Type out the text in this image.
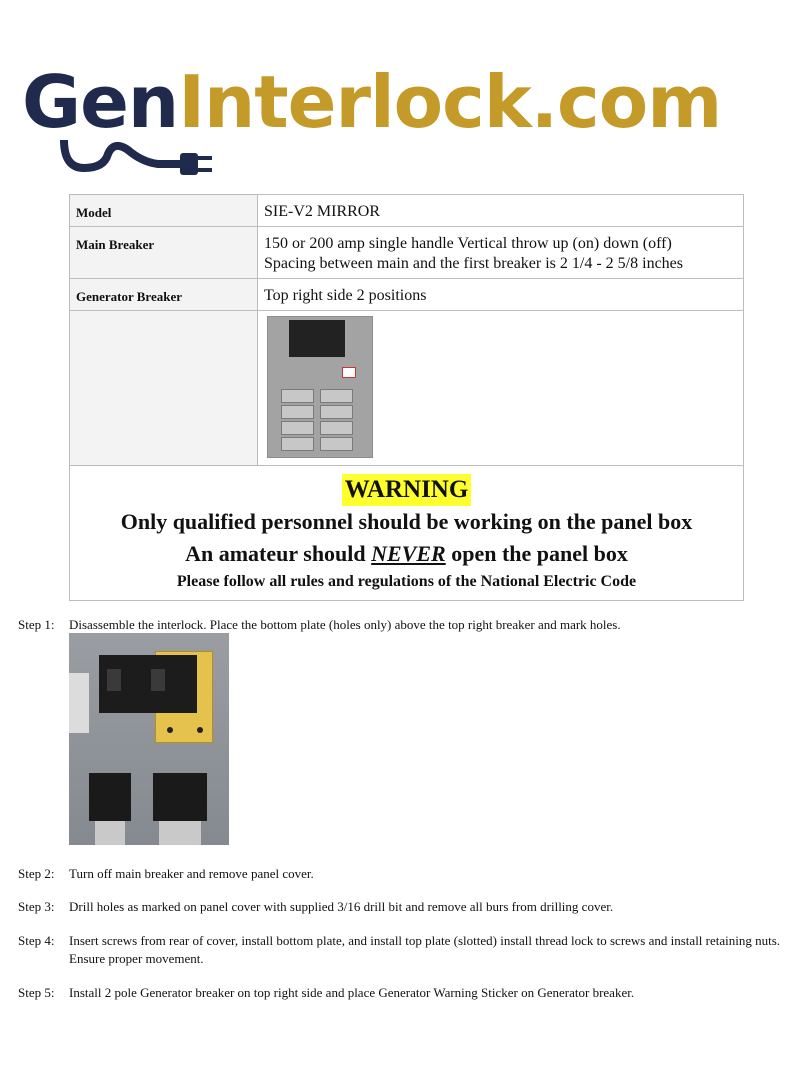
GenInterlock.com
Model	SIE-V2 MIRROR
Main Breaker	150 or 200 amp single handle Vertical throw up (on) down (off)
Spacing between main and the first breaker is 2 1/4 - 2 5/8 inches

Generator Breaker	Top right side 2 positions

WARNING
Only qualified personnel should be working on the panel box
An amateur should NEVER open the panel box
Please follow all rules and regulations of the National Electric Code	
Step 1:	Disassemble the interlock. Place the bottom plate (holes only) above the top right breaker and mark holes.
Step 2:	Turn off main breaker and remove panel cover.
Step 3:	Drill holes as marked on panel cover with supplied 3/16 drill bit and remove all burs from drilling cover.
Step 4:	Insert screws from rear of cover, install bottom plate, and install top plate (slotted) install thread lock to screws and install retaining nuts. Ensure proper movement.
Step 5:	Install 2 pole Generator breaker on top right side and place Generator Warning Sticker on Generator breaker.
